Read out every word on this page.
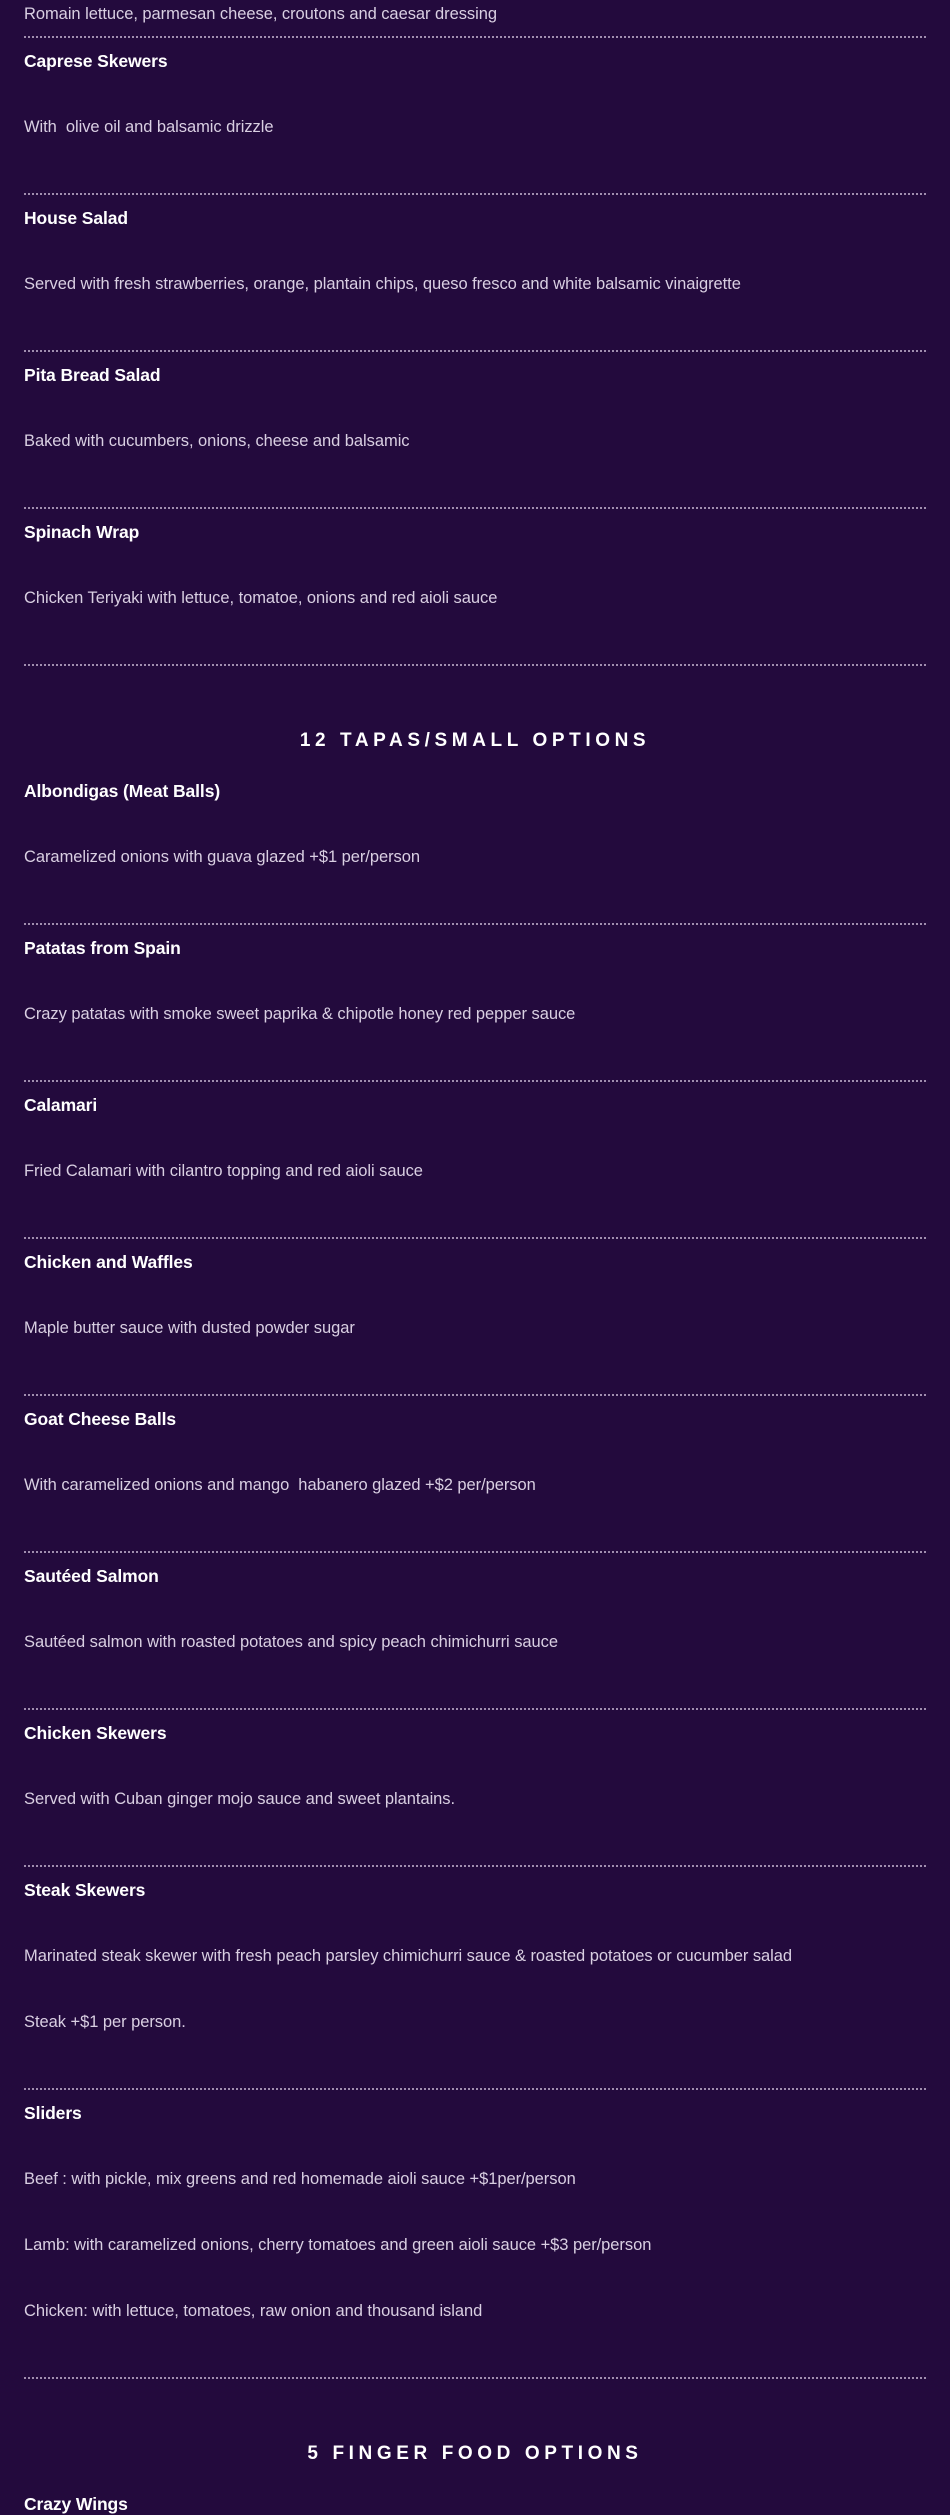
Romain lettuce, parmesan cheese, croutons and caesar dressing
Caprese Skewers

With  olive oil and balsamic drizzle

House Salad

Served with fresh strawberries, orange, plantain chips, queso fresco and white balsamic vinaigrette

Pita Bread Salad

Baked with cucumbers, onions, cheese and balsamic

Spinach Wrap

Chicken Teriyaki with lettuce, tomatoe, onions and red aioli sauce

12 TAPAS/SMALL OPTIONS
Albondigas (Meat Balls)

Caramelized onions with guava glazed +$1 per/person

Patatas from Spain

Crazy patatas with smoke sweet paprika & chipotle honey red pepper sauce

Calamari

Fried Calamari with cilantro topping and red aioli sauce

Chicken and Waffles

Maple butter sauce with dusted powder sugar

Goat Cheese Balls

With caramelized onions and mango  habanero glazed +$2 per/person

Sautéed Salmon

Sautéed salmon with roasted potatoes and spicy peach chimichurri sauce

Chicken Skewers

Served with Cuban ginger mojo sauce and sweet plantains.

Steak Skewers

Marinated steak skewer with fresh peach parsley chimichurri sauce & roasted potatoes or cucumber salad

Steak +$1 per person.

Sliders

Beef : with pickle, mix greens and red homemade aioli sauce +$1per/person

Lamb: with caramelized onions, cherry tomatoes and green aioli sauce +$3 per/person

Chicken: with lettuce, tomatoes, raw onion and thousand island

5 FINGER FOOD OPTIONS
Crazy Wings
